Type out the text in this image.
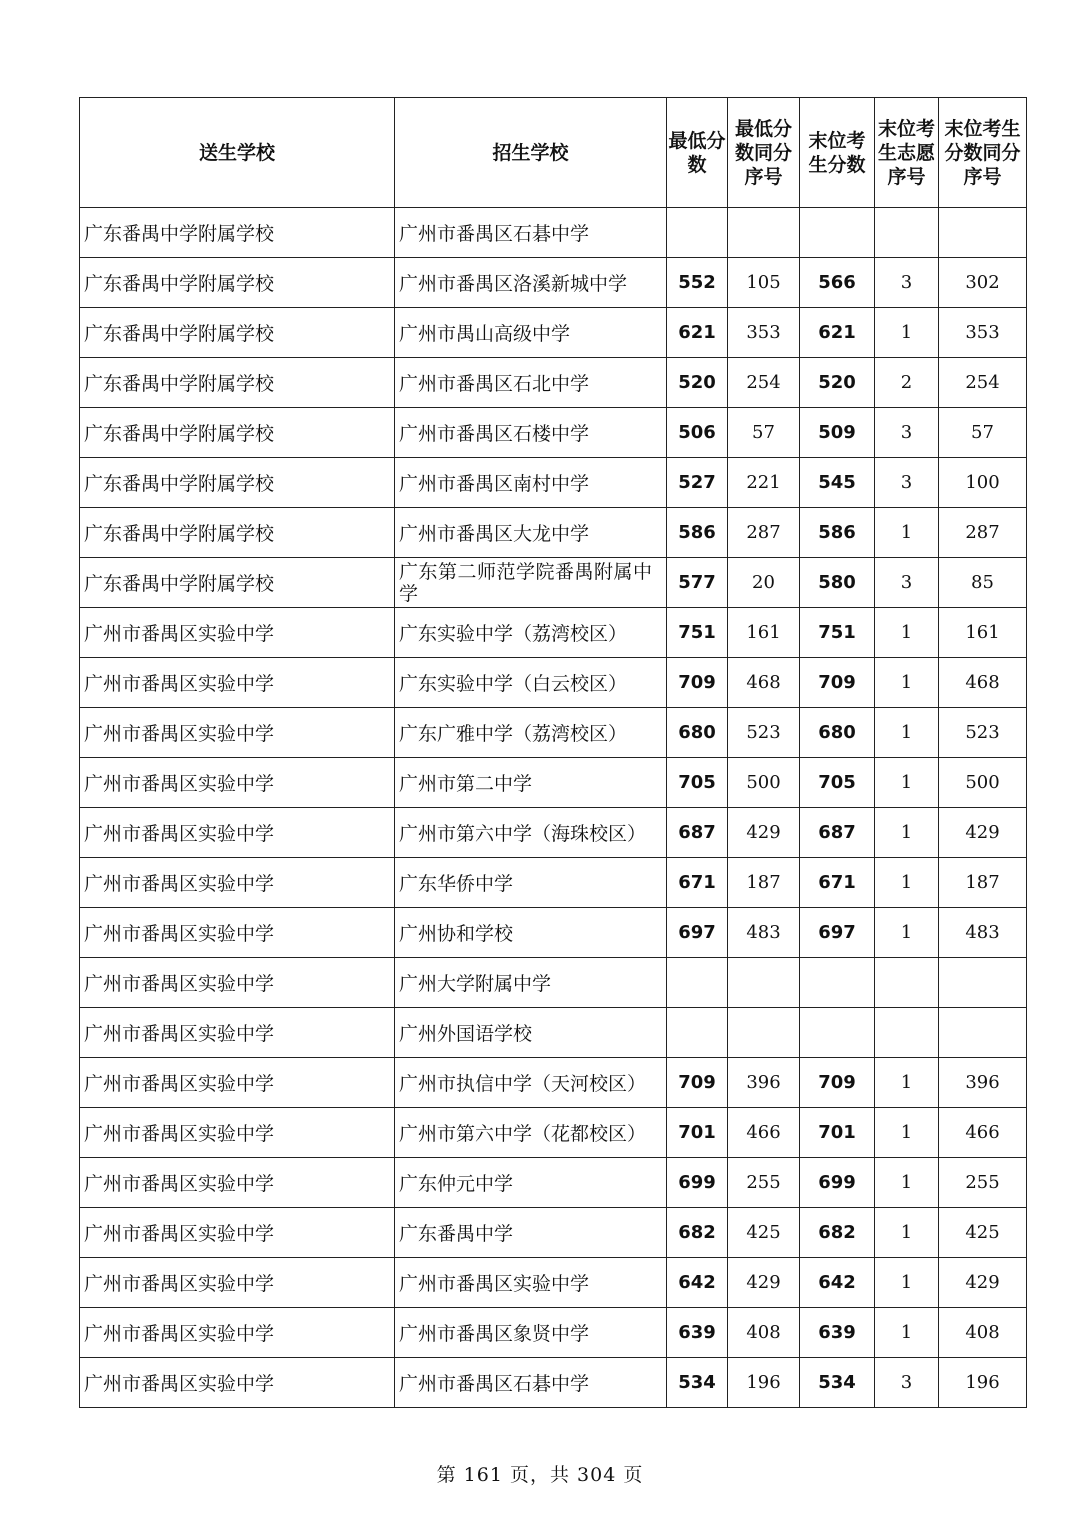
送生学校	招生学校	最低分数	最低分数同分序号	末位考生分数	末位考生志愿序号	末位考生分数同分序号
广东番禺中学附属学校	广州市番禺区石碁中学					
广东番禺中学附属学校	广州市番禺区洛溪新城中学	552	105	566	3	302
广东番禺中学附属学校	广州市禺山高级中学	621	353	621	1	353
广东番禺中学附属学校	广州市番禺区石北中学	520	254	520	2	254
广东番禺中学附属学校	广州市番禺区石楼中学	506	57	509	3	57
广东番禺中学附属学校	广州市番禺区南村中学	527	221	545	3	100
广东番禺中学附属学校	广州市番禺区大龙中学	586	287	586	1	287
广东番禺中学附属学校	广东第二师范学院番禺附属中学	577	20	580	3	85
广州市番禺区实验中学	广东实验中学（荔湾校区）	751	161	751	1	161
广州市番禺区实验中学	广东实验中学（白云校区）	709	468	709	1	468
广州市番禺区实验中学	广东广雅中学（荔湾校区）	680	523	680	1	523
广州市番禺区实验中学	广州市第二中学	705	500	705	1	500
广州市番禺区实验中学	广州市第六中学（海珠校区）	687	429	687	1	429
广州市番禺区实验中学	广东华侨中学	671	187	671	1	187
广州市番禺区实验中学	广州协和学校	697	483	697	1	483
广州市番禺区实验中学	广州大学附属中学					
广州市番禺区实验中学	广州外国语学校					
广州市番禺区实验中学	广州市执信中学（天河校区）	709	396	709	1	396
广州市番禺区实验中学	广州市第六中学（花都校区）	701	466	701	1	466
广州市番禺区实验中学	广东仲元中学	699	255	699	1	255
广州市番禺区实验中学	广东番禺中学	682	425	682	1	425
广州市番禺区实验中学	广州市番禺区实验中学	642	429	642	1	429
广州市番禺区实验中学	广州市番禺区象贤中学	639	408	639	1	408
广州市番禺区实验中学	广州市番禺区石碁中学	534	196	534	3	196
第 161 页，共 304 页
